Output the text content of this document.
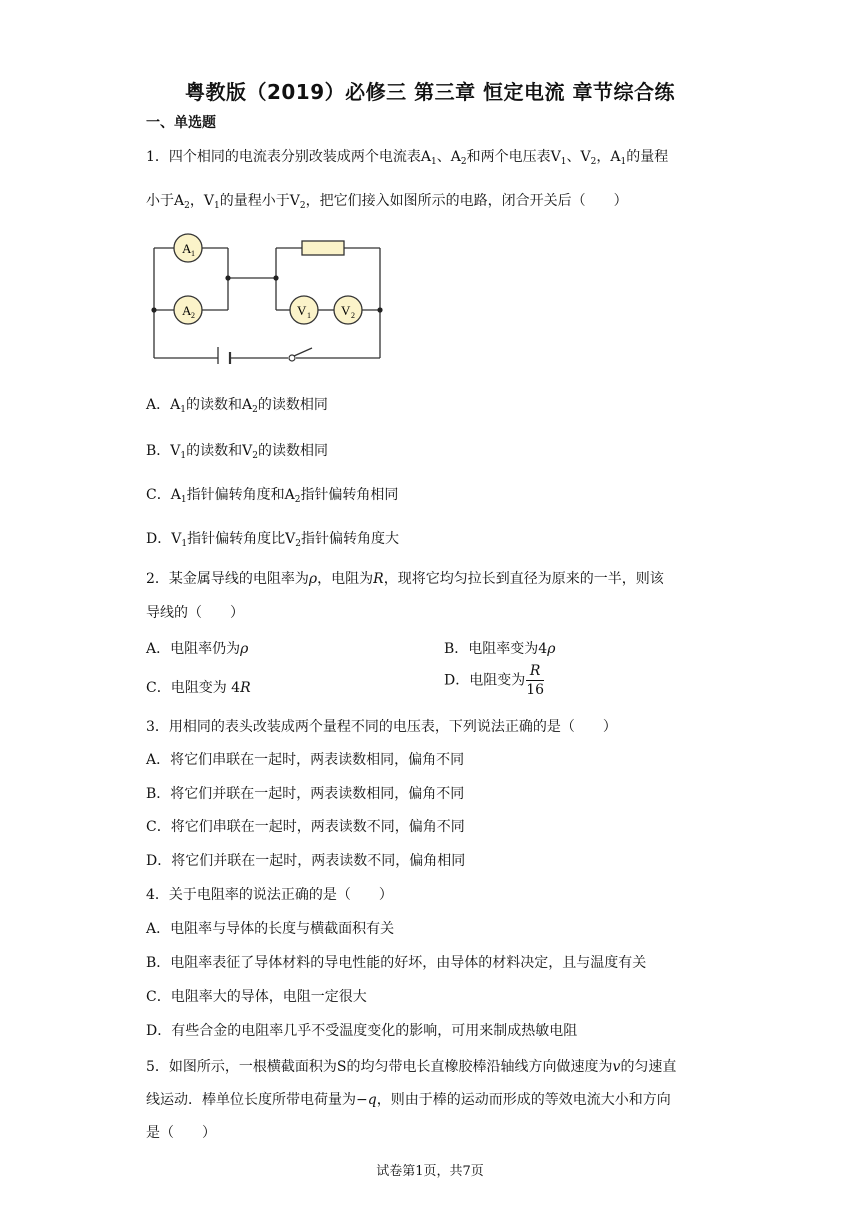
粤教版（2019）必修三 第三章 恒定电流 章节综合练
一、单选题
1．四个相同的电流表分别改装成两个电流表$A_1$、$A_2$和两个电压表$V_1$、$V_2$，$A_1$的量程
小于$A_2$，$V_1$的量程小于$V_2$，把它们接入如图所示的电路，闭合开关后（　　）
A 1
A 2	V 1 V 2
A．$A_1$的读数和$A_2$的读数相同
B．$V_1$的读数和$V_2$的读数相同
C．$A_1$指针偏转角度和$A_2$指针偏转角相同
D．$V_1$指针偏转角度比$V_2$指针偏转角度大
2．某金属导线的电阻率为ρ，电阻为R，现将它均匀拉长到直径为原来的一半，则该
导线的（　　）
A．电阻率仍为ρ	B．电阻率变为4ρ
C．电阻变为 4R	D．电阻变为 $\frac{R}{16}$
3．用相同的表头改装成两个量程不同的电压表，下列说法正确的是（　　）
A．将它们串联在一起时，两表读数相同，偏角不同
B．将它们并联在一起时，两表读数相同，偏角不同
C．将它们串联在一起时，两表读数不同，偏角不同
D．将它们并联在一起时，两表读数不同，偏角相同
4．关于电阻率的说法正确的是（　　）
A．电阻率与导体的长度与横截面积有关
B．电阻率表征了导体材料的导电性能的好坏，由导体的材料决定，且与温度有关
C．电阻率大的导体，电阻一定很大
D．有些合金的电阻率几乎不受温度变化的影响，可用来制成热敏电阻
5．如图所示，一根横截面积为S的均匀带电长直橡胶棒沿轴线方向做速度为v的匀速直
线运动．棒单位长度所带电荷量为−q，则由于棒的运动而形成的等效电流大小和方向
是（　　）
试卷第1页，共7页
